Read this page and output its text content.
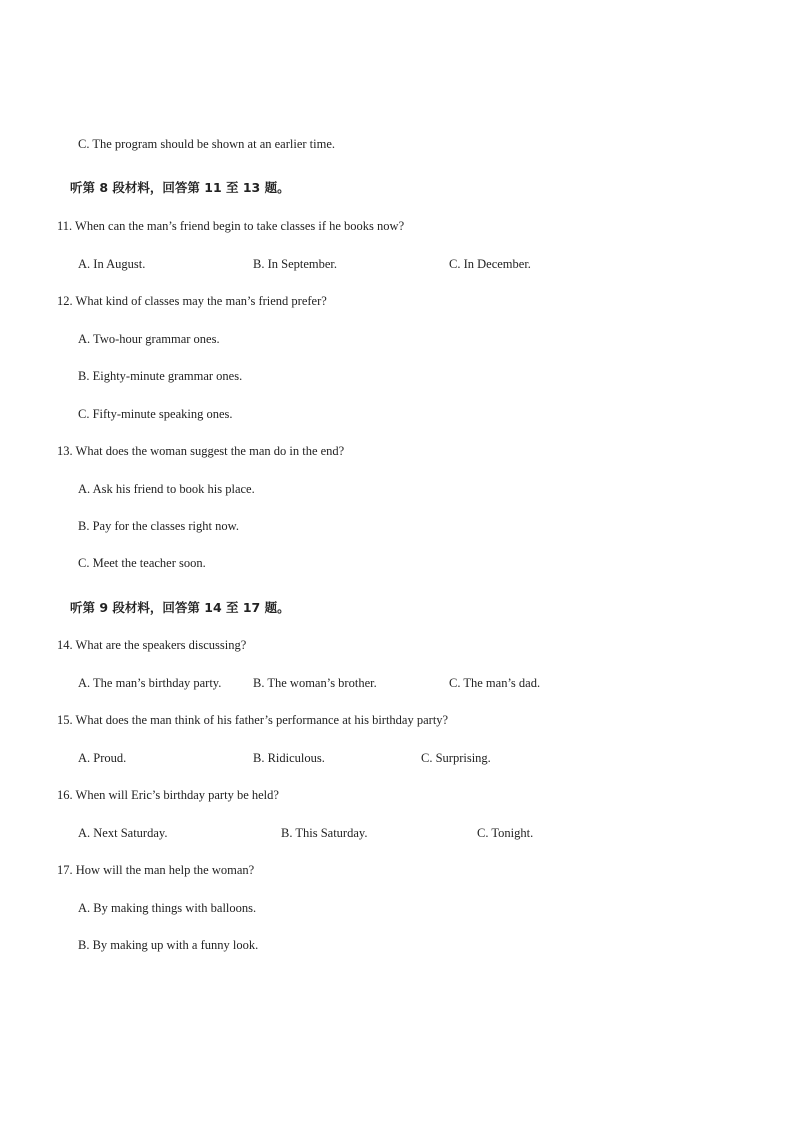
C. The program should be shown at an earlier time.
听第 8 段材料，回答第 11 至 13 题。
11. When can the man’s friend begin to take classes if he books now?
A. In August.	B. In September.	C. In December.
12. What kind of classes may the man’s friend prefer?
A. Two-hour grammar ones.
B. Eighty-minute grammar ones.
C. Fifty-minute speaking ones.
13. What does the woman suggest the man do in the end?
A. Ask his friend to book his place.
B. Pay for the classes right now.
C. Meet the teacher soon.
听第 9 段材料，回答第 14 至 17 题。
14. What are the speakers discussing?
A. The man’s birthday party.	B. The woman’s brother.	C. The man’s dad.
15. What does the man think of his father’s performance at his birthday party?
A. Proud.	B. Ridiculous.	C. Surprising.
16. When will Eric’s birthday party be held?
A. Next Saturday.	B. This Saturday.	C. Tonight.
17. How will the man help the woman?
A. By making things with balloons.
B. By making up with a funny look.
